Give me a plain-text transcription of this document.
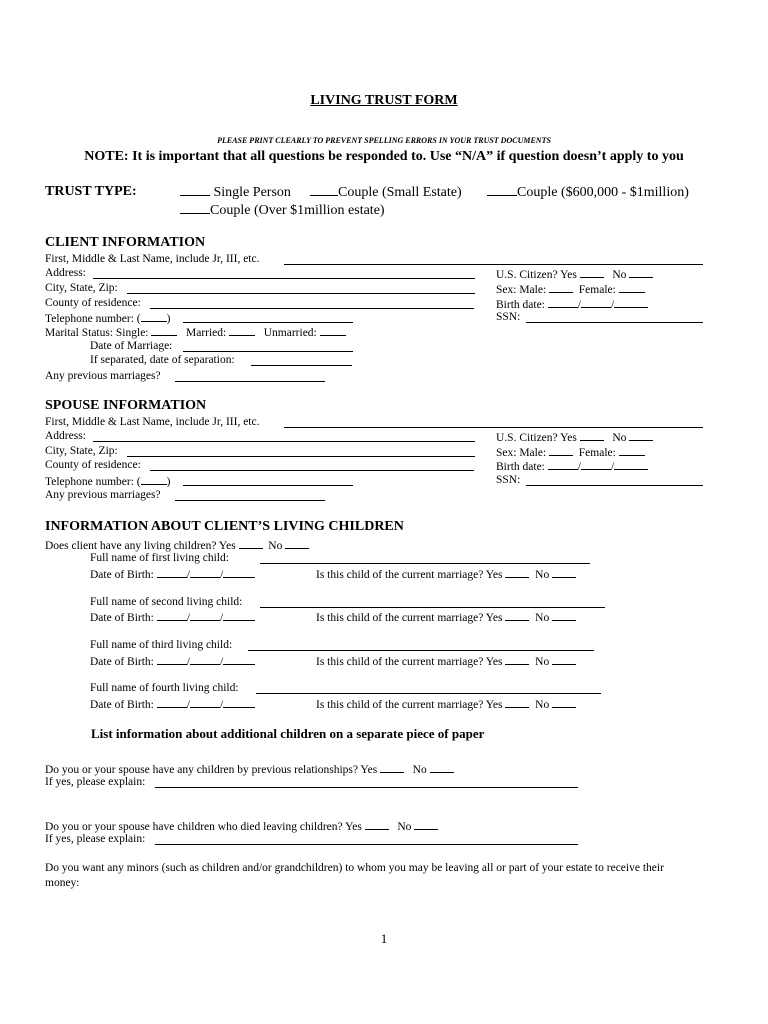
LIVING TRUST FORM
PLEASE PRINT CLEARLY TO PREVENT SPELLING ERRORS IN YOUR TRUST DOCUMENTS
NOTE: It is important that all questions be responded to. Use “N/A” if question doesn’t apply to you
TRUST TYPE:	Single Person	Couple (Small Estate)	Couple ($600,000 - $1million)
Couple (Over $1million estate)
CLIENT INFORMATION
First, Middle & Last Name, include Jr, III, etc.
Address:
City, State, Zip:
County of residence:
Telephone number: ( )
Marital Status: Single:	Married:	Unmarried:
Date of Marriage:
If separated, date of separation:
Any previous marriages?
U.S. Citizen? Yes	No
Sex: Male:	Female:
Birth date:	/	/
SSN:
SPOUSE INFORMATION
First, Middle & Last Name, include Jr, III, etc.
Address:
City, State, Zip:
County of residence:
Telephone number: ( )
Any previous marriages?
U.S. Citizen? Yes	No
Sex: Male:	Female:
Birth date:	/	/
SSN:
INFORMATION ABOUT CLIENT’S LIVING CHILDREN
Does client have any living children? Yes	No
Full name of first living child:
Date of Birth:	/	/	Is this child of the current marriage? Yes	No
Full name of second living child:
Date of Birth:	/	/	Is this child of the current marriage? Yes	No
Full name of third living child:
Date of Birth:	/	/	Is this child of the current marriage? Yes	No
Full name of fourth living child:
Date of Birth:	/	/	Is this child of the current marriage? Yes	No
List information about additional children on a separate piece of paper
Do you or your spouse have any children by previous relationships? Yes	No
If yes, please explain:
Do you or your spouse have children who died leaving children? Yes	No
If yes, please explain:
Do you want any minors (such as children and/or grandchildren) to whom you may be leaving all or part of your estate to receive their
money:
1
